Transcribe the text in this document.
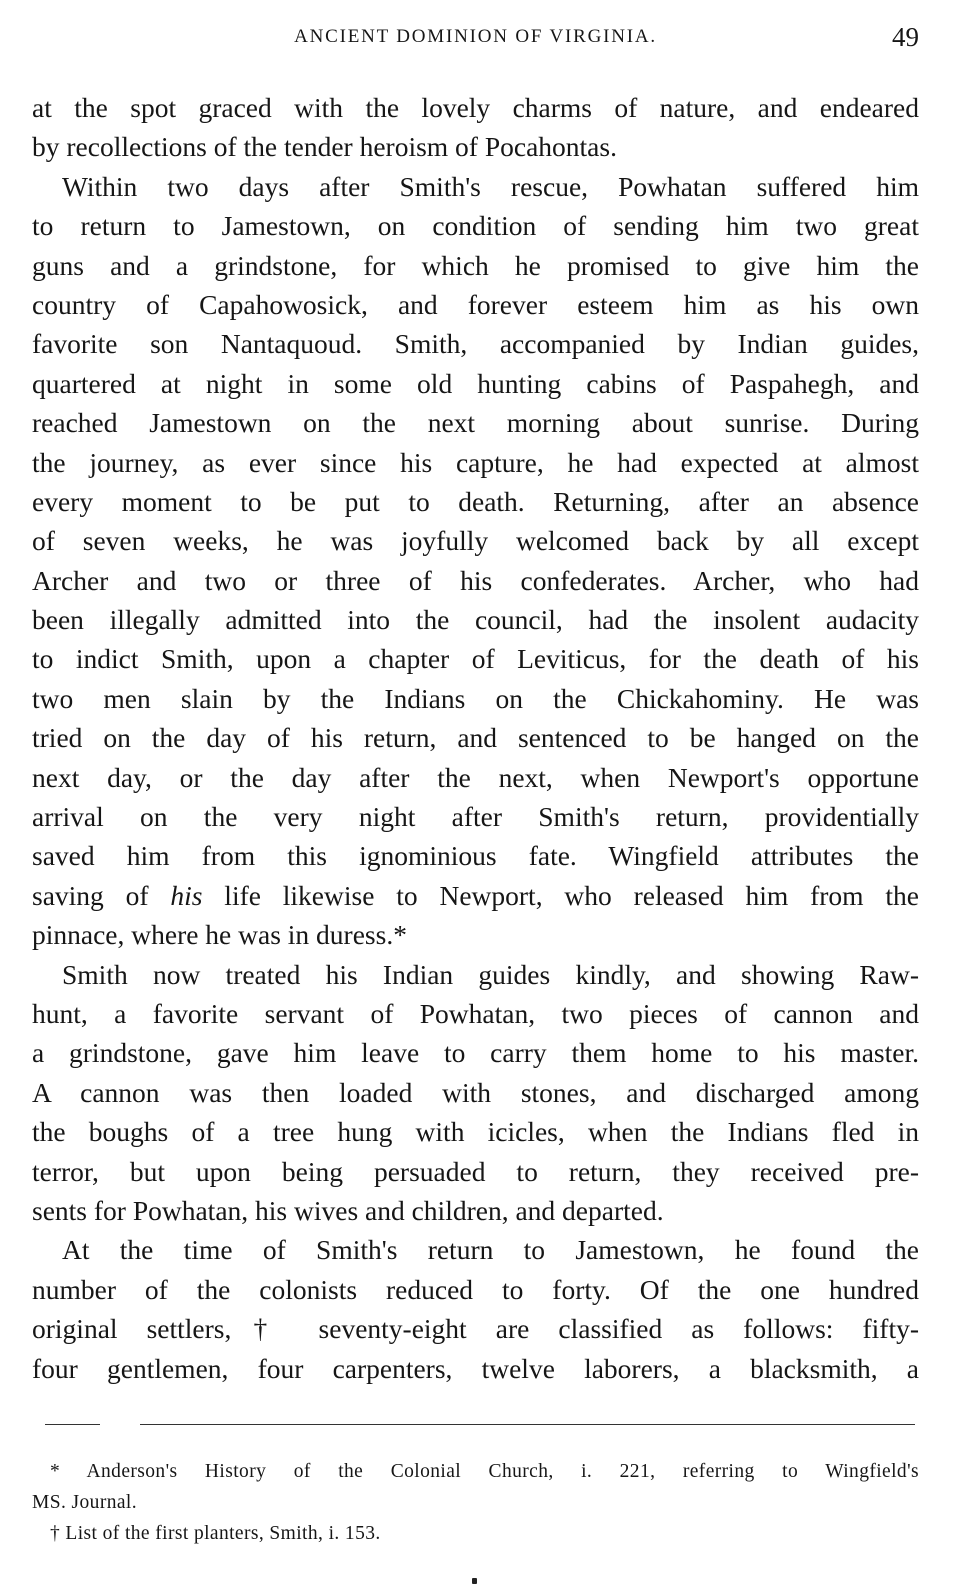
ANCIENT DOMINION OF VIRGINIA.	49
at the spot graced with the lovely charms of nature, and endeared
by recollections of the tender heroism of Pocahontas.
Within two days after Smith's rescue, Powhatan suffered him
to return to Jamestown, on condition of sending him two great
guns and a grindstone, for which he promised to give him the
country of Capahowosick, and forever esteem him as his own
favorite son Nantaquoud. Smith, accompanied by Indian guides,
quartered at night in some old hunting cabins of Paspahegh, and
reached Jamestown on the next morning about sunrise. During
the journey, as ever since his capture, he had expected at almost
every moment to be put to death. Returning, after an absence
of seven weeks, he was joyfully welcomed back by all except
Archer and two or three of his confederates. Archer, who had
been illegally admitted into the council, had the insolent audacity
to indict Smith, upon a chapter of Leviticus, for the death of his
two men slain by the Indians on the Chickahominy. He was
tried on the day of his return, and sentenced to be hanged on the
next day, or the day after the next, when Newport's opportune
arrival on the very night after Smith's return, providentially
saved him from this ignominious fate. Wingfield attributes the
saving of his life likewise to Newport, who released him from the
pinnace, where he was in duress.*
Smith now treated his Indian guides kindly, and showing Raw-
hunt, a favorite servant of Powhatan, two pieces of cannon and
a grindstone, gave him leave to carry them home to his master.
A cannon was then loaded with stones, and discharged among
the boughs of a tree hung with icicles, when the Indians fled in
terror, but upon being persuaded to return, they received pre-
sents for Powhatan, his wives and children, and departed.
At the time of Smith's return to Jamestown, he found the
number of the colonists reduced to forty. Of the one hundred
original settlers,† seventy-eight are classified as follows: fifty-
four gentlemen, four carpenters, twelve laborers, a blacksmith, a
* Anderson's History of the Colonial Church, i. 221, referring to Wingfield's
MS. Journal.
† List of the first planters, Smith, i. 153.
